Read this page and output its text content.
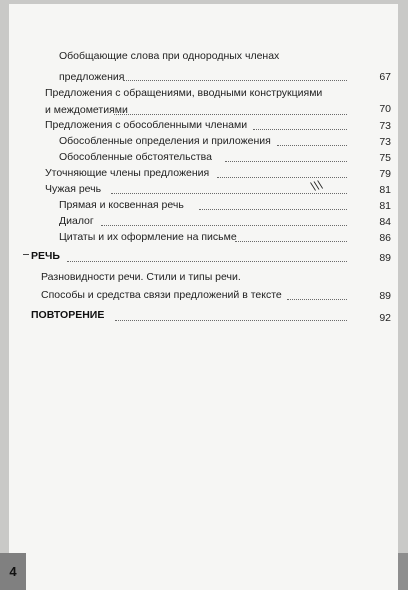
Обобщающие слова при однородных членах
предложения	67
Предложения с обращениями, вводными конструкциями
и междометиями	70
Предложения с обособленными членами	73
Обособленные определения и приложения	73
Обособленные обстоятельства	75
Уточняющие члены предложения	79
Чужая речь	81
\\\
Прямая и косвенная речь	81
Диалог	84
Цитаты и их оформление на письме	86
РЕЧЬ	89
Разновидности речи. Стили и типы речи.
Способы и средства связи предложений в тексте	89
ПОВТОРЕНИЕ	92
4
